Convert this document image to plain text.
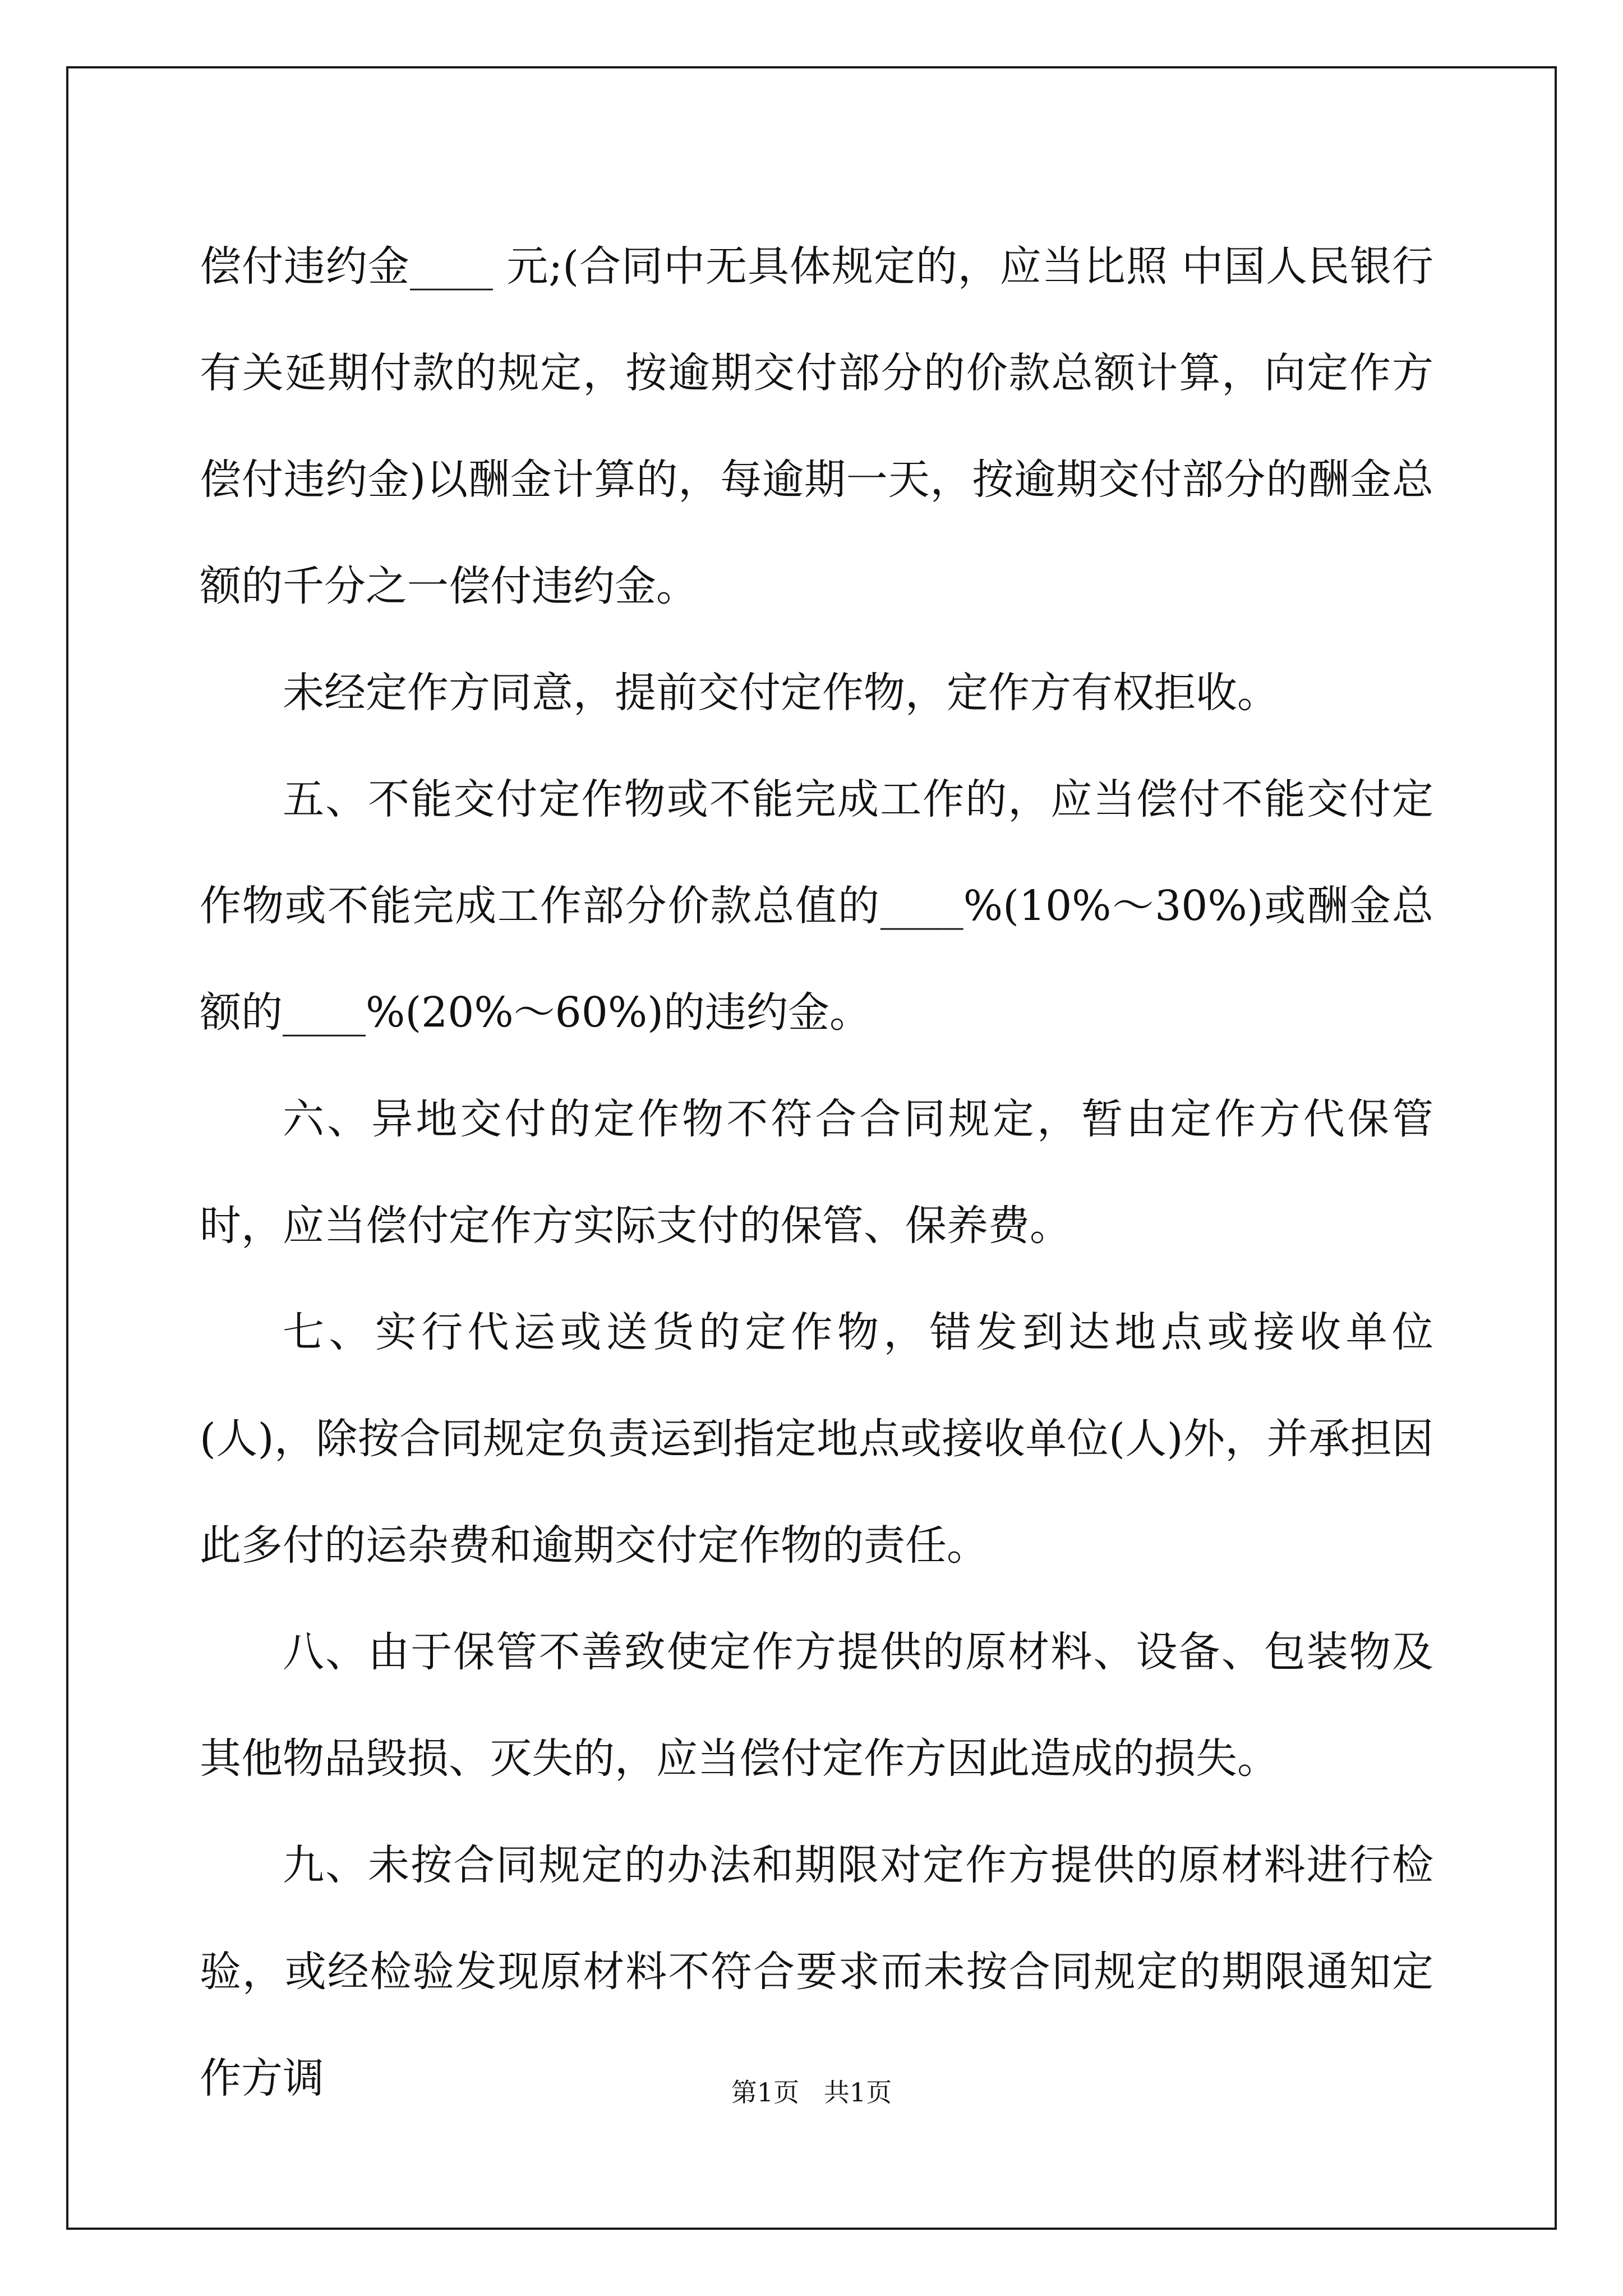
偿付违约金____ 元;(合同中无具体规定的，应当比照 中国人民银行有关延期付款的规定，按逾期交付部分的价款总额计算，向定作方偿付违约金)以酬金计算的，每逾期一天，按逾期交付部分的酬金总额的千分之一偿付违约金。

未经定作方同意，提前交付定作物，定作方有权拒收。

五、不能交付定作物或不能完成工作的，应当偿付不能交付定作物或不能完成工作部分价款总值的____%(10%～30%)或酬金总额的____%(20%～60%)的违约金。

六、异地交付的定作物不符合合同规定，暂由定作方代保管时，应当偿付定作方实际支付的保管、保养费。

七、实行代运或送货的定作物，错发到达地点或接收单位(人)，除按合同规定负责运到指定地点或接收单位(人)外，并承担因此多付的运杂费和逾期交付定作物的责任。

八、由于保管不善致使定作方提供的原材料、设备、包装物及其他物品毁损、灭失的，应当偿付定作方因此造成的损失。

九、未按合同规定的办法和期限对定作方提供的原材料进行检验，或经检验发现原材料不符合要求而未按合同规定的期限通知定作方调	第1页   共1页
